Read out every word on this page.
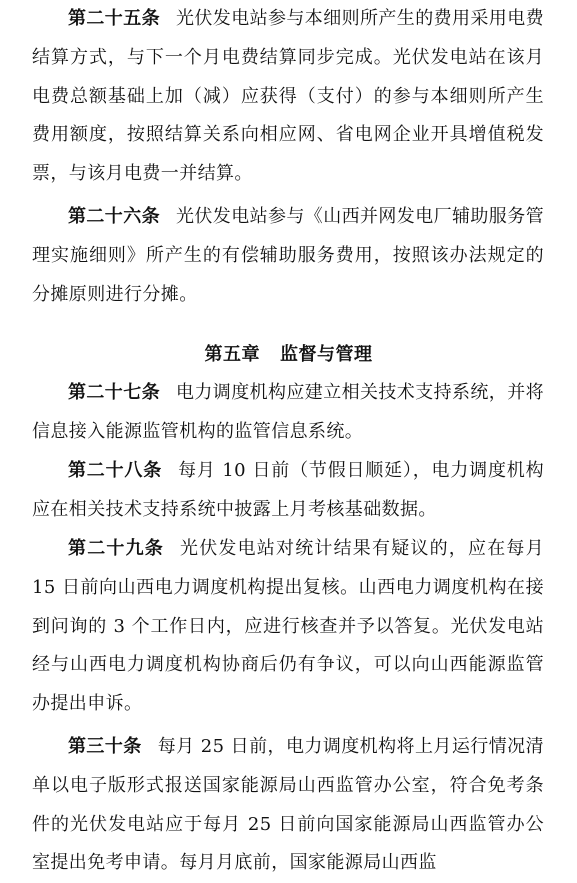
第二十五条 光伏发电站参与本细则所产生的费用采用电费结算方式，与下一个月电费结算同步完成。光伏发电站在该月电费总额基础上加（减）应获得（支付）的参与本细则所产生费用额度，按照结算关系向相应网、省电网企业开具增值税发票，与该月电费一并结算。

第二十六条 光伏发电站参与《山西并网发电厂辅助服务管理实施细则》所产生的有偿辅助服务费用，按照该办法规定的分摊原则进行分摊。

第五章 监督与管理

第二十七条 电力调度机构应建立相关技术支持系统，并将信息接入能源监管机构的监管信息系统。

第二十八条 每月 10 日前（节假日顺延），电力调度机构应在相关技术支持系统中披露上月考核基础数据。

第二十九条 光伏发电站对统计结果有疑议的，应在每月 15 日前向山西电力调度机构提出复核。山西电力调度机构在接到问询的 3 个工作日内，应进行核查并予以答复。光伏发电站经与山西电力调度机构协商后仍有争议，可以向山西能源监管办提出申诉。

第三十条 每月 25 日前，电力调度机构将上月运行情况清单以电子版形式报送国家能源局山西监管办公室，符合免考条件的光伏发电站应于每月 25 日前向国家能源局山西监管办公室提出免考申请。每月月底前，国家能源局山西监
